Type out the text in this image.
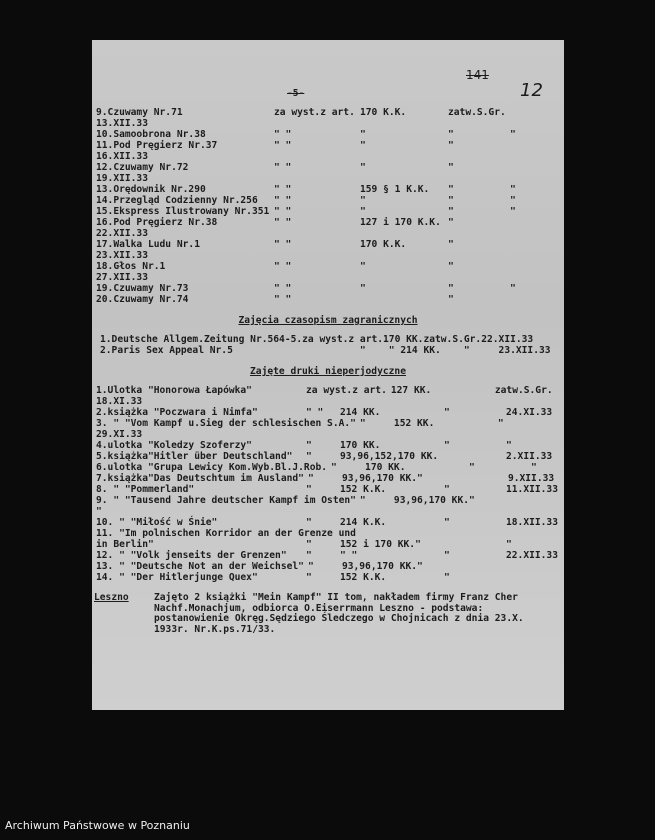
-5-
141
12
9.Czuwamy Nr.71	za wyst.z art. 170 K.K.	zatw.S.Gr.
13.XII.33
10.Samoobrona Nr.38	" "	"	"	"
11.Pod Pręgierz Nr.37	" "	"	"
16.XII.33
12.Czuwamy Nr.72	" "	"	"
19.XII.33
13.Orędownik Nr.290	" "	159 § 1 K.K.	"	"
14.Przegląd Codzienny Nr.256	" "	"	"	"
15.Ekspress Ilustrowany Nr.351 " "	"	"	"
16.Pod Pręgierz Nr.38	" "	127 i 170 K.K. "
22.XII.33
17.Walka Ludu Nr.1	" "	170 K.K.	"
23.XII.33
18.Głos Nr.1	" "	"	"
27.XII.33
19.Czuwamy Nr.73	" "	"	"	"
20.Czuwamy Nr.74	" "	"
Zajęcia czasopism zagranicznych
1.Deutsche Allgem.Zeitung Nr.564-5.za wyst.z art.170 KK.zatw.S.Gr.22.XII.33
2.Paris Sex Appeal Nr.5                      "    " 214 KK.    "     23.XII.33
Zajęte druki nieperjodyczne
1.Ulotka "Honorowa Łapówka"	za wyst.z art. 127 KK.	zatw.S.Gr.
18.XI.33
2.książka "Poczwara i Nimfa"	" "	214 KK.	"	24.XI.33
3. " "Vom Kampf u.Sieg der schlesischen S.A." "	152 KK.	"
29.XI.33
4.ulotka "Koledzy Szoferzy"	"	170 KK.	"	"
5.książka"Hitler über Deutschland"	"	93,96,152,170 KK.	2.XII.33
6.ulotka "Grupa Lewicy Kom.Wyb.Bl.J.Rob. "	170 KK.	"	"
7.książka"Das Deutschtum im Ausland" "	93,96,170 KK."	9.XII.33
8. " "Pommerland"	"	152 K.K.	"	11.XII.33
9. " "Tausend Jahre deutscher Kampf im Osten" "	93,96,170 KK."
"
10. " "Miłość w Śnie"	"	214 K.K.	"	18.XII.33
11. "Im polnischen Korridor an der Grenze und
in Berlin"	"	152 i 170 KK."	"
12. " "Volk jenseits der Grenzen"	"	" "	"	22.XII.33
13. " "Deutsche Not an der Weichsel" "	93,96,170 KK."
14. " "Der Hitlerjunge Quex"	"	152 K.K.	"
Leszno	Zajęto 2 książki "Mein Kampf" II tom, nakładem firmy Franz Cher Nachf.Monachjum, odbiorca O.Eiserrmann Leszno - podstawa: postanowienie Okręg.Sędziego Śledczego w Chojnicach z dnia 23.X. 1933r. Nr.K.ps.71/33.
Archiwum Państwowe w Poznaniu
